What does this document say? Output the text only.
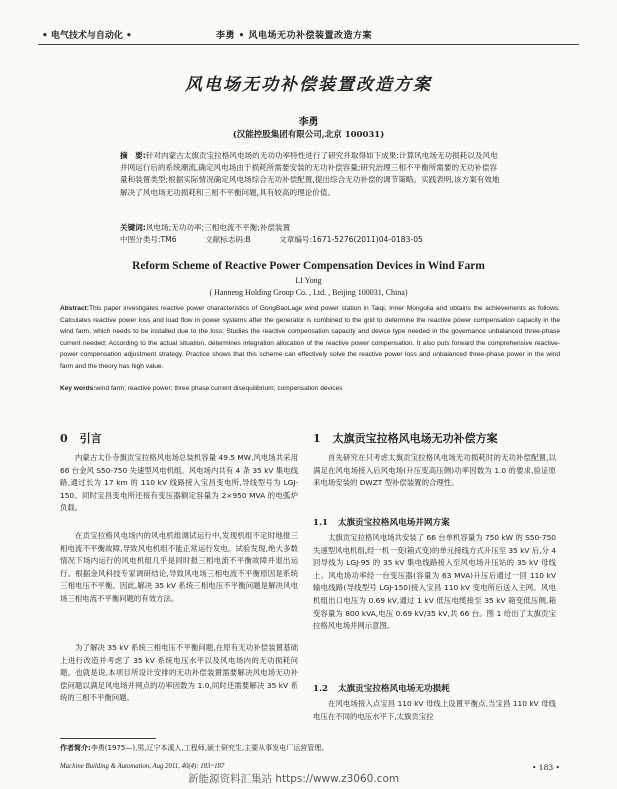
• 电气技术与自动化 •	李勇 • 风电场无功补偿装置改造方案
风电场无功补偿装置改造方案
李勇
(汉能控股集团有限公司,北京 100031)
摘　要:针对内蒙古太旗贡宝拉格风电场的无功功率特性进行了研究并取得如下成果:计算风电场无功损耗以及风电并网运行后的系统潮流,确定风电场由于损耗所需要安装的无功补偿容量;研究治理三相不平衡所需要的无功补偿容量和装置类型;根据实际情况确定风电场综合无功补偿配置,提出综合无功补偿的调节策略。实践表明,该方案有效地解决了风电场无功损耗和三相不平衡问题,具有较高的理论价值。
关键词:风电场;无功功率;三相电流不平衡;补偿装置
中图分类号:TM6	文献标志码:B	文章编号:1671-5276(2011)04-0183-05
Reform Scheme of Reactive Power Compensation Devices in Wind Farm
LI Yong
( Hanneng Holding Group Co. , Ltd. , Beijing 100031, China)
Abstract:This paper investigates reactive power characteristics of GongBaoLage wind power station in Taiqi, Inner Mongolia and obtains the achievements as follows: Calculates reactive power loss and load flow in power systems after the generator is combined to the grid to determine the reactive power compensation capacity in the wind farm, which needs to be installed due to the loss; Studies the reactive compensation capacity and device type needed in the governance unbalanced three-phase current needed; According to the actual situation, determines integration allocation of the reactive power compensation. It also puts forward the comprehensive reactive-power compensation adjustment strategy. Practice shows that this scheme can effectively solve the reactive power loss and unbalanced three-phase power in the wind farm and the theory has high value.
Key words:wind farm; reactive power; three phase current disequilibrium; compensation devices
0 引言

内蒙古太仆寺旗贡宝拉格风电场总装机容量 49.5 MW,风电场共采用 66 台金风 S50-750 失速型风电机组。风电场内共有 4 条 35 kV 集电线路,通过长为 17 km 的 110 kV 线路接入宝昌变电所,导线型号为 LGJ-150。同时宝昌变电所还接有变压器额定容量为 2×950 MVA 的电弧炉负载。

在贡宝拉格风电场内的风电机组调试运行中,发现机组不定时地报三相电流不平衡故障,导致风电机组不能正常运行发电。试验发现,绝大多数情况下场内运行的风电机组几乎是同时报三相电流不平衡故障并退出运行。根据金风科技专家调研结论,导致风电场三相电流不平衡原因是系统三相电压不平衡。因此,解决 35 kV 系统三相电压不平衡问题是解决风电场三相电流不平衡问题的有效方法。

为了解决 35 kV 系统三相电压不平衡问题,在原有无功补偿装置基础上进行改造并考虑了 35 kV 系统电压水平以及风电场内的无功损耗问题。也就是说,本项目所设计安排的无功补偿装置需要解决风电场无功补偿问题以满足风电场并网点的功率因数为 1.0,同时还需要解决 35 kV 系统的三相不平衡问题。

1 太旗贡宝拉格风电场无功补偿方案

首先研究在只考虑太旗贡宝拉格风电场无功损耗时的无功补偿配置,以满足在风电场接入后风电场(升压变高压侧)功率因数为 1.0 的要求,验证原来电场安装的 DWZT 型补偿装置的合理性。

1.1 太旗贡宝拉格风电场并网方案

太旗贡宝拉格风电场共安装了 66 台单机容量为 750 kW 的 S50-750 失速型风电机组,经一机一变(箱式变)的单元接线方式升压至 35 kV 后,分 4 回导线为 LGJ-95 的 35 kV 集电线路接入至风电场升压站的 35 kV 母线上。风电场功率经一台变压器(容量为 63 MVA)升压后通过一回 110 kV 输电线路(导线型号 LGJ-150)接入宝昌 110 kV 变电所后送入主网。风电机组出口电压为 0.69 kV,通过 1 kV 低压电缆接至 35 kV 箱变低压侧,箱变容量为 800 kVA,电压 0.69 kV/35 kV,共 66 台。图 1 给出了太旗贡宝拉格风电场并网示意图。

1.2 太旗贡宝拉格风电场无功损耗

在风电场接入点宝昌 110 kV 母线上设置平衡点,当宝昌 110 kV 母线电压在不同的电压水平下,太旗贡宝拉

作者简介:李勇(1975—),男,辽宁本溪人,工程师,硕士研究生,主要从事发电厂运营管理。
Machine Building & Automation, Aug 2011, 40(4): 183~187	• 183 •
新能源资料汇集站 https://www.z3060.com
